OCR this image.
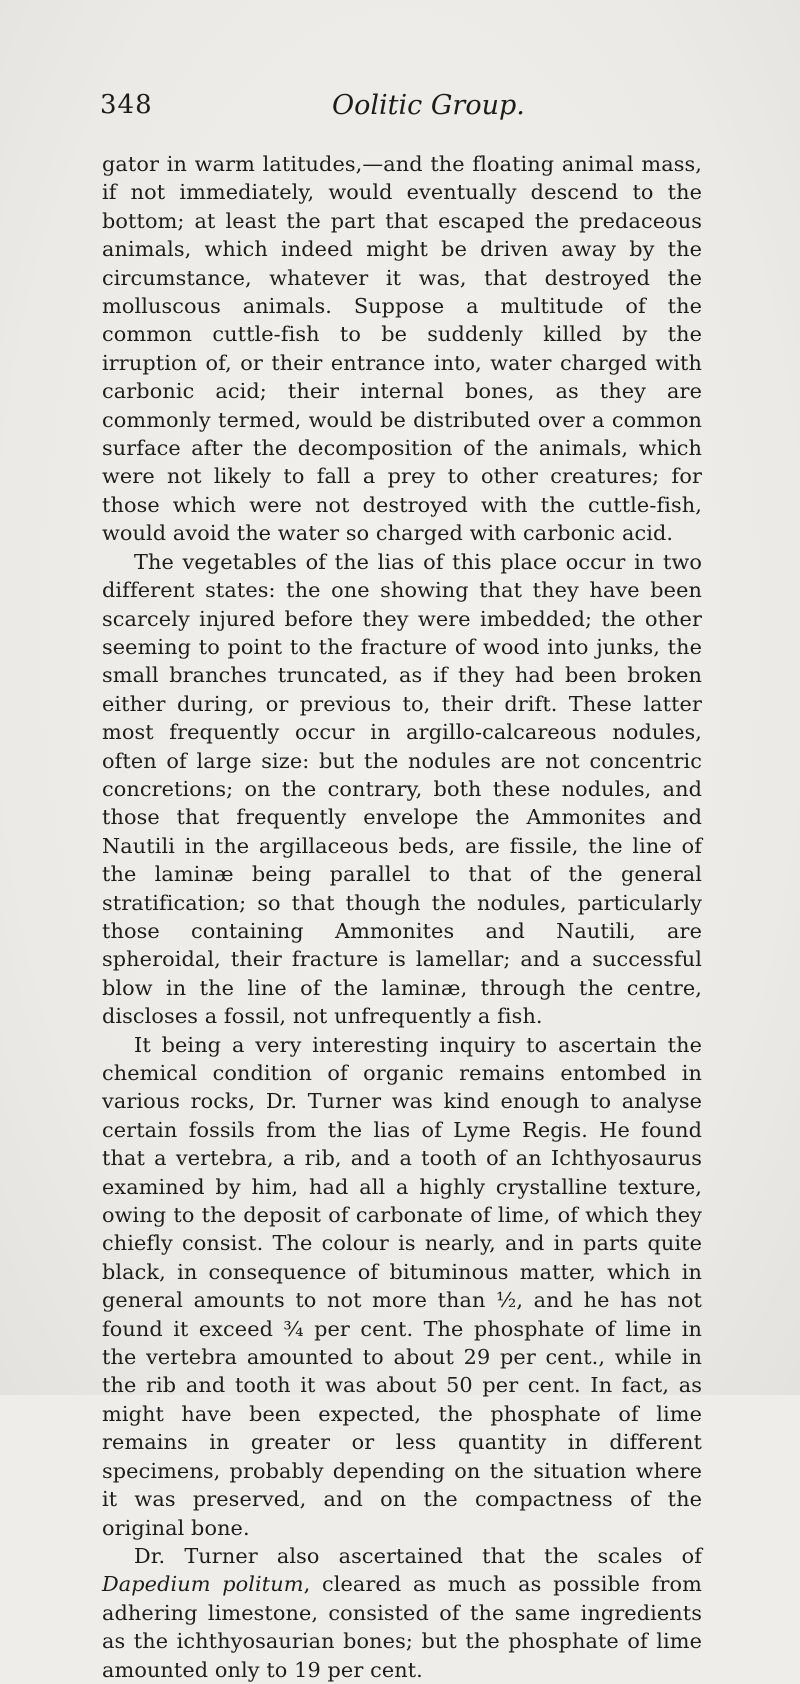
348	Oolitic Group.

gator in warm latitudes,—and the floating animal mass, if not immediately, would eventually descend to the bottom; at least the part that escaped the predaceous animals, which indeed might be driven away by the circumstance, whatever it was, that destroyed the molluscous animals. Suppose a multitude of the common cuttle-fish to be suddenly killed by the irruption of, or their entrance into, water charged with carbonic acid; their internal bones, as they are commonly termed, would be distributed over a common surface after the decomposition of the animals, which were not likely to fall a prey to other creatures; for those which were not destroyed with the cuttle-fish, would avoid the water so charged with carbonic acid.

The vegetables of the lias of this place occur in two different states: the one showing that they have been scarcely injured before they were imbedded; the other seeming to point to the fracture of wood into junks, the small branches truncated, as if they had been broken either during, or previous to, their drift. These latter most frequently occur in argillo-calcareous nodules, often of large size: but the nodules are not concentric concretions; on the contrary, both these nodules, and those that frequently envelope the Ammonites and Nautili in the argillaceous beds, are fissile, the line of the laminæ being parallel to that of the general stratification; so that though the nodules, particularly those containing Ammonites and Nautili, are spheroidal, their fracture is lamellar; and a successful blow in the line of the laminæ, through the centre, discloses a fossil, not unfrequently a fish.

It being a very interesting inquiry to ascertain the chemical condition of organic remains entombed in various rocks, Dr. Turner was kind enough to analyse certain fossils from the lias of Lyme Regis. He found that a vertebra, a rib, and a tooth of an Ichthyosaurus examined by him, had all a highly crystalline texture, owing to the deposit of carbonate of lime, of which they chiefly consist. The colour is nearly, and in parts quite black, in consequence of bituminous matter, which in general amounts to not more than ½, and he has not found it exceed ¾ per cent. The phosphate of lime in the vertebra amounted to about 29 per cent., while in the rib and tooth it was about 50 per cent. In fact, as might have been expected, the phosphate of lime remains in greater or less quantity in different specimens, probably depending on the situation where it was preserved, and on the compactness of the original bone.

Dr. Turner also ascertained that the scales of Dapedium politum, cleared as much as possible from adhering limestone, consisted of the same ingredients as the ichthyosaurian bones; but the phosphate of lime amounted only to 19 per cent.
